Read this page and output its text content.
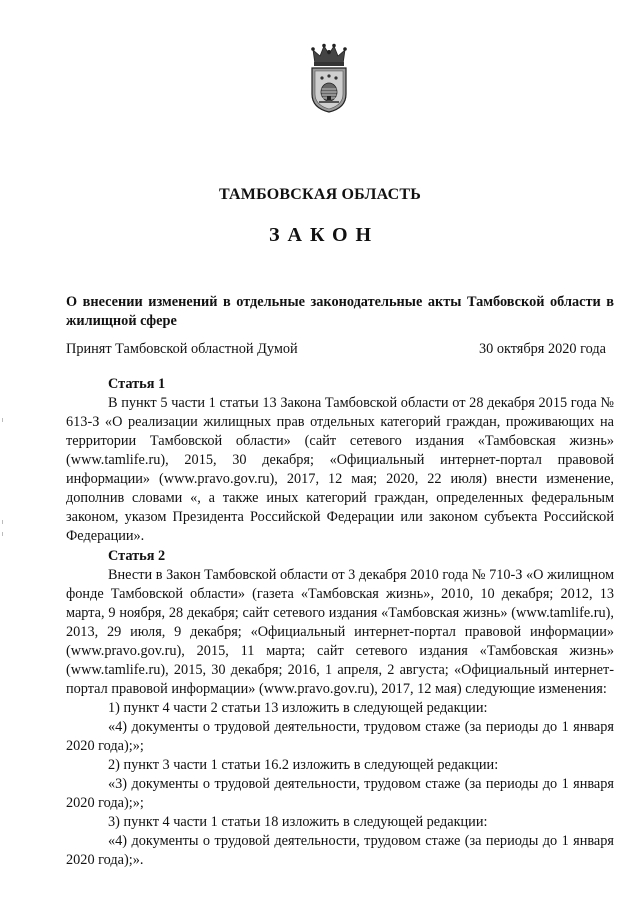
ТАМБОВСКАЯ ОБЛАСТЬ
ЗАКОН
О внесении изменений в отдельные законодательные акты Тамбовской области в жилищной сфере
Принят Тамбовской областной Думой	30 октября 2020 года
Статья 1

В пункт 5 части 1 статьи 13 Закона Тамбовской области от 28 декабря 2015 года № 613-З «О реализации жилищных прав отдельных категорий граждан, проживающих на территории Тамбовской области» (сайт сетевого издания «Тамбовская жизнь» (www.tamlife.ru), 2015, 30 декабря; «Официальный интернет-портал правовой информации» (www.pravo.gov.ru), 2017, 12 мая; 2020, 22 июля) внести изменение, дополнив словами «, а также иных категорий граждан, определенных федеральным законом, указом Президента Российской Федерации или законом субъекта Российской Федерации».

Статья 2

Внести в Закон Тамбовской области от 3 декабря 2010 года № 710-З «О жилищном фонде Тамбовской области» (газета «Тамбовская жизнь», 2010, 10 декабря; 2012, 13 марта, 9 ноября, 28 декабря; сайт сетевого издания «Тамбовская жизнь» (www.tamlife.ru), 2013, 29 июля, 9 декабря; «Официальный интернет-портал правовой информации» (www.pravo.gov.ru), 2015, 11 марта; сайт сетевого издания «Тамбовская жизнь» (www.tamlife.ru), 2015, 30 декабря; 2016, 1 апреля, 2 августа; «Официальный интернет-портал правовой информации» (www.pravo.gov.ru), 2017, 12 мая) следующие изменения:

1) пункт 4 части 2 статьи 13 изложить в следующей редакции:

«4) документы о трудовой деятельности, трудовом стаже (за периоды до 1 января 2020 года);»;

2) пункт 3 части 1 статьи 16.2 изложить в следующей редакции:

«3) документы о трудовой деятельности, трудовом стаже (за периоды до 1 января 2020 года);»;

3) пункт 4 части 1 статьи 18 изложить в следующей редакции:

«4) документы о трудовой деятельности, трудовом стаже (за периоды до 1 января 2020 года);».
